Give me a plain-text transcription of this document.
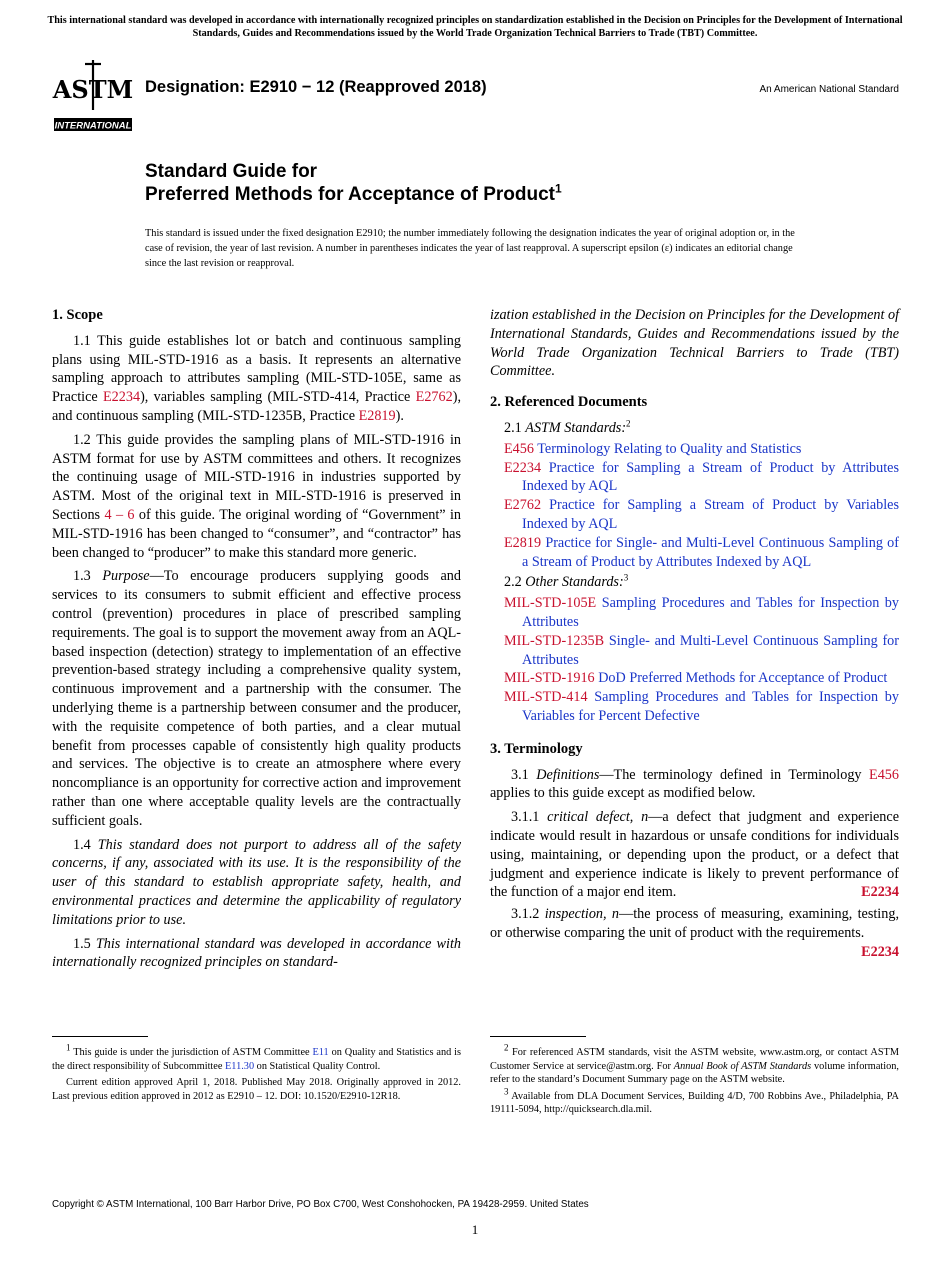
This international standard was developed in accordance with internationally recognized principles on standardization established in the Decision on Principles for the Development of International Standards, Guides and Recommendations issued by the World Trade Organization Technical Barriers to Trade (TBT) Committee.
ASTM
INTERNATIONAL
Designation: E2910 − 12 (Reapproved 2018)	An American National Standard
Standard Guide for
Preferred Methods for Acceptance of Product$^1$
This standard is issued under the fixed designation E2910; the number immediately following the designation indicates the year of original adoption or, in the case of revision, the year of last revision. A number in parentheses indicates the year of last reapproval. A superscript epsilon (ε) indicates an editorial change since the last revision or reapproval.
1. Scope

1.1 This guide establishes lot or batch and continuous sampling plans using MIL-STD-1916 as a basis. It represents an alternative sampling approach to attributes sampling (MIL-STD-105E, same as Practice E2234), variables sampling (MIL-STD-414, Practice E2762), and continuous sampling (MIL-STD-1235B, Practice E2819).

1.2 This guide provides the sampling plans of MIL-STD-1916 in ASTM format for use by ASTM committees and others. It recognizes the continuing usage of MIL-STD-1916 in industries supported by ASTM. Most of the original text in MIL-STD-1916 is preserved in Sections 4 – 6 of this guide. The original wording of “Government” in MIL-STD-1916 has been changed to “consumer”, and “contractor” has been changed to “producer” to make this standard more generic.

1.3 Purpose—To encourage producers supplying goods and services to its consumers to submit efficient and effective process control (prevention) procedures in place of prescribed sampling requirements. The goal is to support the movement away from an AQL-based inspection (detection) strategy to implementation of an effective prevention-based strategy including a comprehensive quality system, continuous improvement and a partnership with the consumer. The underlying theme is a partnership between consumer and the producer, with the requisite competence of both parties, and a clear mutual benefit from processes capable of consistently high quality products and services. The objective is to create an atmosphere where every noncompliance is an opportunity for corrective action and improvement rather than one where acceptable quality levels are the contractually sufficient goals.

1.4 This standard does not purport to address all of the safety concerns, if any, associated with its use. It is the responsibility of the user of this standard to establish appropriate safety, health, and environmental practices and determine the applicability of regulatory limitations prior to use.

1.5 This international standard was developed in accordance with internationally recognized principles on standard-

ization established in the Decision on Principles for the Development of International Standards, Guides and Recommendations issued by the World Trade Organization Technical Barriers to Trade (TBT) Committee.

2. Referenced Documents
2.1 ASTM Standards:$^2$
E456 Terminology Relating to Quality and Statistics
E2234 Practice for Sampling a Stream of Product by Attributes Indexed by AQL
E2762 Practice for Sampling a Stream of Product by Variables Indexed by AQL
E2819 Practice for Single- and Multi-Level Continuous Sampling of a Stream of Product by Attributes Indexed by AQL
2.2 Other Standards:$^3$
MIL-STD-105E Sampling Procedures and Tables for Inspection by Attributes
MIL-STD-1235B Single- and Multi-Level Continuous Sampling for Attributes
MIL-STD-1916 DoD Preferred Methods for Acceptance of Product
MIL-STD-414 Sampling Procedures and Tables for Inspection by Variables for Percent Defective
3. Terminology

3.1 Definitions—The terminology defined in Terminology E456 applies to this guide except as modified below.

3.1.1 critical defect, n—a defect that judgment and experience indicate would result in hazardous or unsafe conditions for individuals using, maintaining, or depending upon the product, or a defect that judgment and experience indicate is likely to prevent performance of the function of a major end item.	E2234

3.1.2 inspection, n—the process of measuring, examining, testing, or otherwise comparing the unit of product with the requirements.
E2234

$^1$ This guide is under the jurisdiction of ASTM Committee E11 on Quality and Statistics and is the direct responsibility of Subcommittee E11.30 on Statistical Quality Control.

Current edition approved April 1, 2018. Published May 2018. Originally approved in 2012. Last previous edition approved in 2012 as E2910 – 12. DOI: 10.1520/E2910-12R18.

$^2$ For referenced ASTM standards, visit the ASTM website, www.astm.org, or contact ASTM Customer Service at service@astm.org. For Annual Book of ASTM Standards volume information, refer to the standard’s Document Summary page on the ASTM website.

$^3$ Available from DLA Document Services, Building 4/D, 700 Robbins Ave., Philadelphia, PA 19111-5094, http://quicksearch.dla.mil.

Copyright © ASTM International, 100 Barr Harbor Drive, PO Box C700, West Conshohocken, PA 19428-2959. United States
1
